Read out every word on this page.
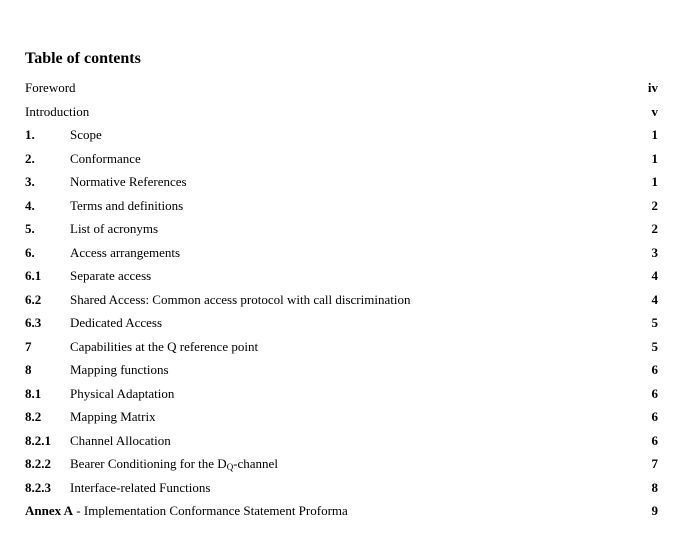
Table of contents
Foreword	iv
Introduction	v
1.	Scope	1
2.	Conformance	1
3.	Normative References	1
4.	Terms and definitions	2
5.	List of acronyms	2
6.	Access arrangements	3
6.1 Separate access	4
6.2 Shared Access: Common access protocol with call discrimination	4
6.3 Dedicated Access	5
7	Capabilities at the Q reference point	5
8	Mapping functions	6
8.1 Physical Adaptation	6
8.2 Mapping Matrix	6
8.2.1 Channel Allocation	6
8.2.2 Bearer Conditioning for the $D_Q$-channel	7
8.2.3 Interface-related Functions	8
Annex A - Implementation Conformance Statement Proforma	9
